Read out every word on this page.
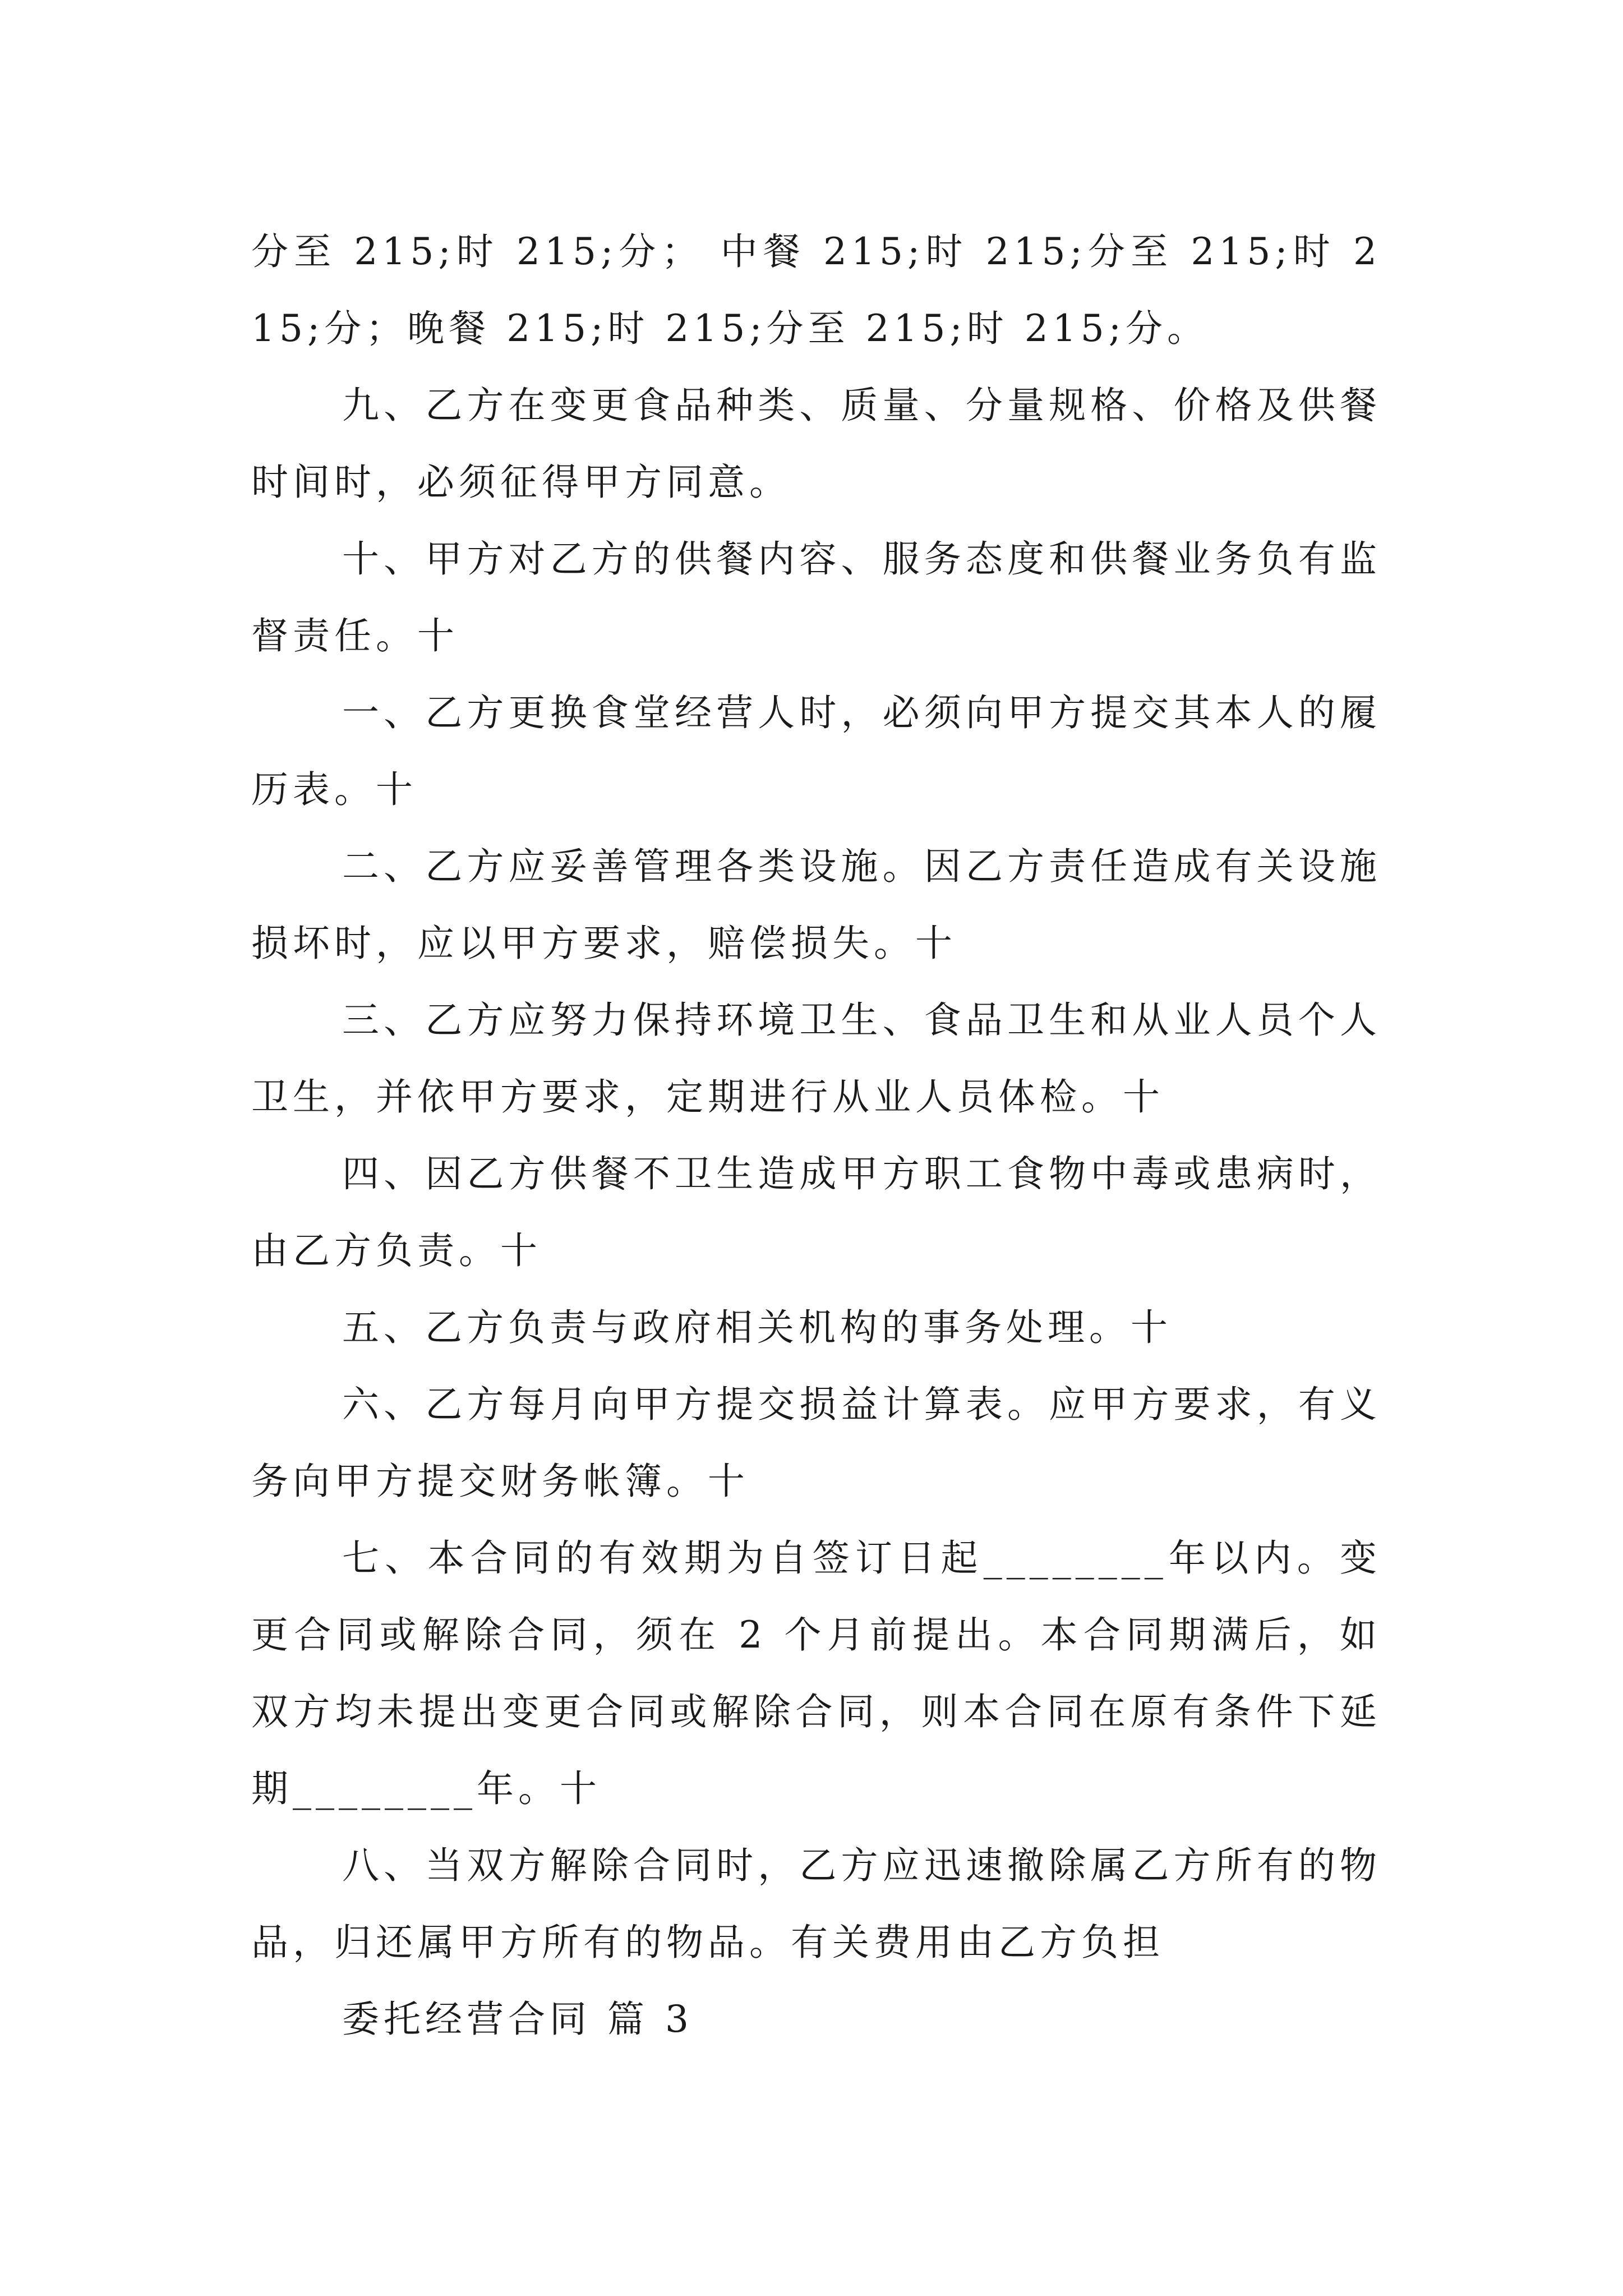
分至 215;时 215;分； 中餐 215;时 215;分至 215;时 215;分；晚餐 215;时 215;分至 215;时 215;分。

九、乙方在变更食品种类、质量、分量规格、价格及供餐时间时，必须征得甲方同意。

十、甲方对乙方的供餐内容、服务态度和供餐业务负有监督责任。十

一、乙方更换食堂经营人时，必须向甲方提交其本人的履历表。十

二、乙方应妥善管理各类设施。因乙方责任造成有关设施损坏时，应以甲方要求，赔偿损失。十

三、乙方应努力保持环境卫生、食品卫生和从业人员个人卫生，并依甲方要求，定期进行从业人员体检。十

四、因乙方供餐不卫生造成甲方职工食物中毒或患病时，由乙方负责。十

五、乙方负责与政府相关机构的事务处理。十

六、乙方每月向甲方提交损益计算表。应甲方要求，有义务向甲方提交财务帐簿。十

七、本合同的有效期为自签订日起________年以内。变更合同或解除合同，须在 2 个月前提出。本合同期满后，如双方均未提出变更合同或解除合同，则本合同在原有条件下延期________年。十

八、当双方解除合同时，乙方应迅速撤除属乙方所有的物品，归还属甲方所有的物品。有关费用由乙方负担

委托经营合同 篇 3
